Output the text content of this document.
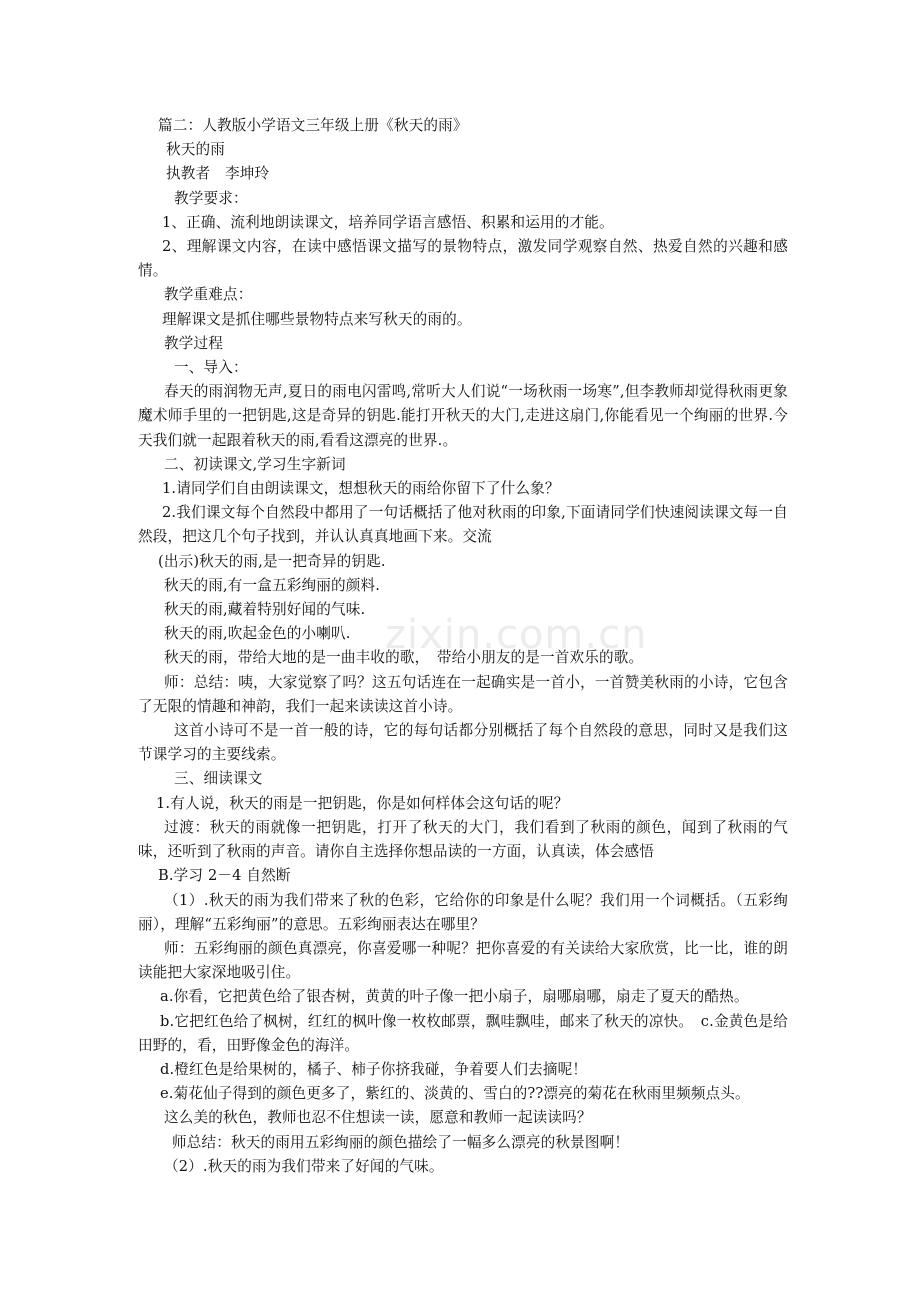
zixin.com.cn
篇二：人教版小学语文三年级上册《秋天的雨》
秋天的雨
执教者　李坤玲
教学要求：
1、正确、流利地朗读课文，培养同学语言感悟、积累和运用的才能。
2、理解课文内容，在读中感悟课文描写的景物特点，激发同学观察自然、热爱自然的兴趣和感情。
教学重难点：
理解课文是抓住哪些景物特点来写秋天的雨的。
教学过程
一、导入：
春天的雨润物无声,夏日的雨电闪雷鸣,常听大人们说“一场秋雨一场寒”,但李教师却觉得秋雨更象魔术师手里的一把钥匙,这是奇异的钥匙.能打开秋天的大门,走进这扇门,你能看见一个绚丽的世界.今天我们就一起跟着秋天的雨,看看这漂亮的世界.。
二、初读课文,学习生字新词
1.请同学们自由朗读课文，想想秋天的雨给你留下了什么象？
2.我们课文每个自然段中都用了一句话概括了他对秋雨的印象,下面请同学们快速阅读课文每一自然段，把这几个句子找到，并认认真真地画下来。交流
(出示)秋天的雨,是一把奇异的钥匙.
秋天的雨,有一盒五彩绚丽的颜料.
秋天的雨,藏着特别好闻的气味.
秋天的雨,吹起金色的小喇叭.
秋天的雨，带给大地的是一曲丰收的歌，　带给小朋友的是一首欢乐的歌。
师：总结：咦，大家觉察了吗？这五句话连在一起确实是一首小，一首赞美秋雨的小诗，它包含了无限的情趣和神韵，我们一起来读读这首小诗。
这首小诗可不是一首一般的诗，它的每句话都分别概括了每个自然段的意思，同时又是我们这节课学习的主要线索。
三、细读课文
1.有人说，秋天的雨是一把钥匙，你是如何样体会这句话的呢？
过渡：秋天的雨就像一把钥匙，打开了秋天的大门，我们看到了秋雨的颜色，闻到了秋雨的气味，还听到了秋雨的声音。请你自主选择你想品读的一方面，认真读，体会感悟
B.学习 2－4 自然断
（1）.秋天的雨为我们带来了秋的色彩，它给你的印象是什么呢？我们用一个词概括。（五彩绚丽），理解“五彩绚丽”的意思。五彩绚丽表达在哪里？
师：五彩绚丽的颜色真漂亮，你喜爱哪一种呢？把你喜爱的有关读给大家欣赏，比一比，谁的朗读能把大家深地吸引住。
a.你看，它把黄色给了银杏树，黄黄的叶子像一把小扇子，扇哪扇哪，扇走了夏天的酷热。
b.它把红色给了枫树，红红的枫叶像一枚枚邮票，飘哇飘哇，邮来了秋天的凉快。　c.金黄色是给田野的，看，田野像金色的海洋。
d.橙红色是给果树的，橘子、柿子你挤我碰，争着要人们去摘呢！
e.菊花仙子得到的颜色更多了，紫红的、淡黄的、雪白的??漂亮的菊花在秋雨里频频点头。
这么美的秋色，教师也忍不住想读一读，愿意和教师一起读读吗？
师总结：秋天的雨用五彩绚丽的颜色描绘了一幅多么漂亮的秋景图啊！
（2）.秋天的雨为我们带来了好闻的气味。
